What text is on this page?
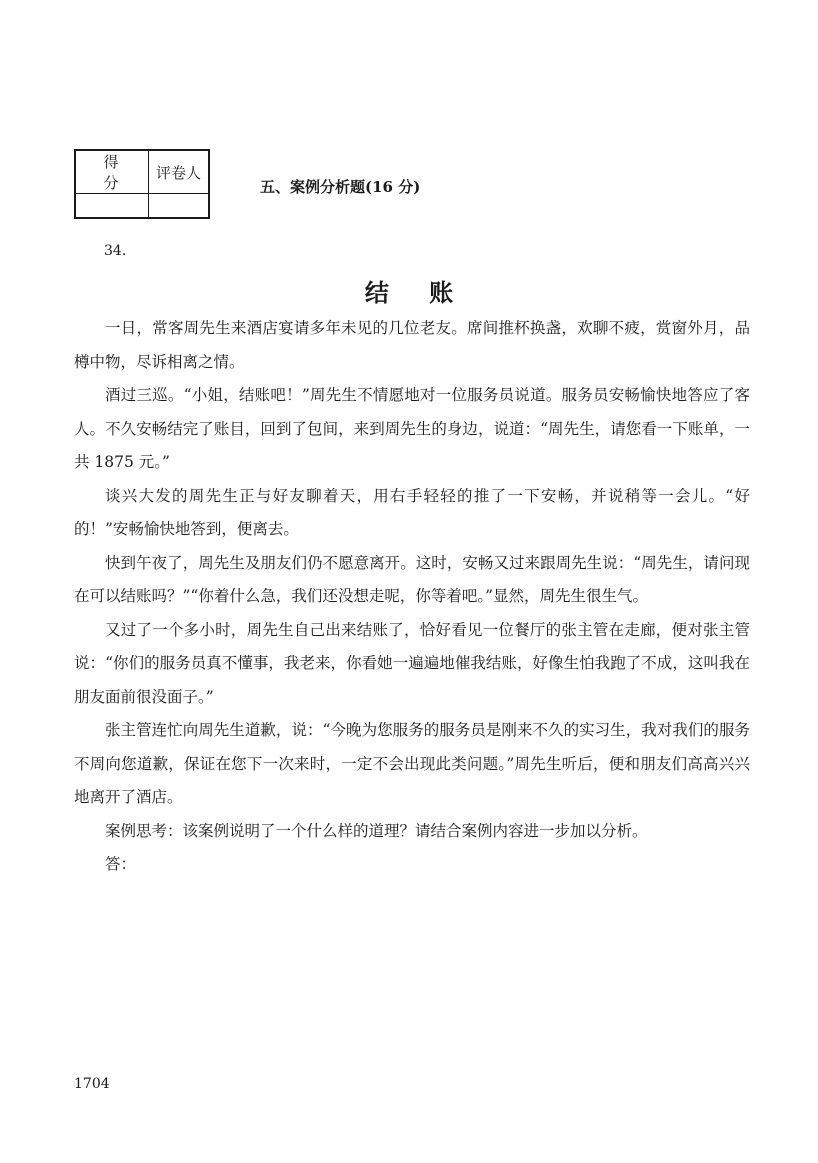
得 分	评卷人

五、案例分析题(16 分)
34.
结 账

一日，常客周先生来酒店宴请多年未见的几位老友。席间推杯换盏，欢聊不疲，赏窗外月，品樽中物，尽诉相离之情。

酒过三巡。“小姐，结账吧！”周先生不情愿地对一位服务员说道。服务员安畅愉快地答应了客人。不久安畅结完了账目，回到了包间，来到周先生的身边，说道：“周先生，请您看一下账单，一共 1875 元。”

谈兴大发的周先生正与好友聊着天，用右手轻轻的推了一下安畅，并说稍等一会儿。“好的！”安畅愉快地答到，便离去。

快到午夜了，周先生及朋友们仍不愿意离开。这时，安畅又过来跟周先生说：“周先生，请问现在可以结账吗？”“你着什么急，我们还没想走呢，你等着吧。”显然，周先生很生气。

又过了一个多小时，周先生自己出来结账了，恰好看见一位餐厅的张主管在走廊，便对张主管说：“你们的服务员真不懂事，我老来，你看她一遍遍地催我结账，好像生怕我跑了不成，这叫我在朋友面前很没面子。”

张主管连忙向周先生道歉，说：“今晚为您服务的服务员是刚来不久的实习生，我对我们的服务不周向您道歉，保证在您下一次来时，一定不会出现此类问题。”周先生听后，便和朋友们高高兴兴地离开了酒店。

案例思考：该案例说明了一个什么样的道理？请结合案例内容进一步加以分析。

答：

1704
